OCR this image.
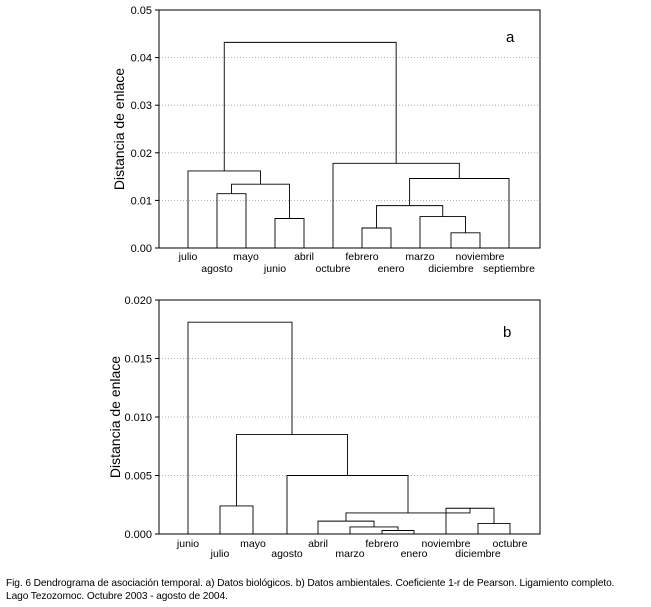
0.00
0.01
0.02
0.03
0.04
0.05
Distancia de enlace
a
julio
agosto
mayo
junio
abril
octubre
febrero
enero
marzo
diciembre
noviembre
septiembre
0.000
0.005
0.010
0.015
0.020
Distancia de enlace
b
junio
julio
mayo
agosto
abril
marzo
febrero
enero
noviembre
diciembre
octubre
Fig. 6 Dendrograma de asociación temporal. a) Datos biológicos. b) Datos ambientales. Coeficiente 1-r de Pearson. Ligamiento completo.
Lago Tezozomoc. Octubre 2003 - agosto de 2004.
